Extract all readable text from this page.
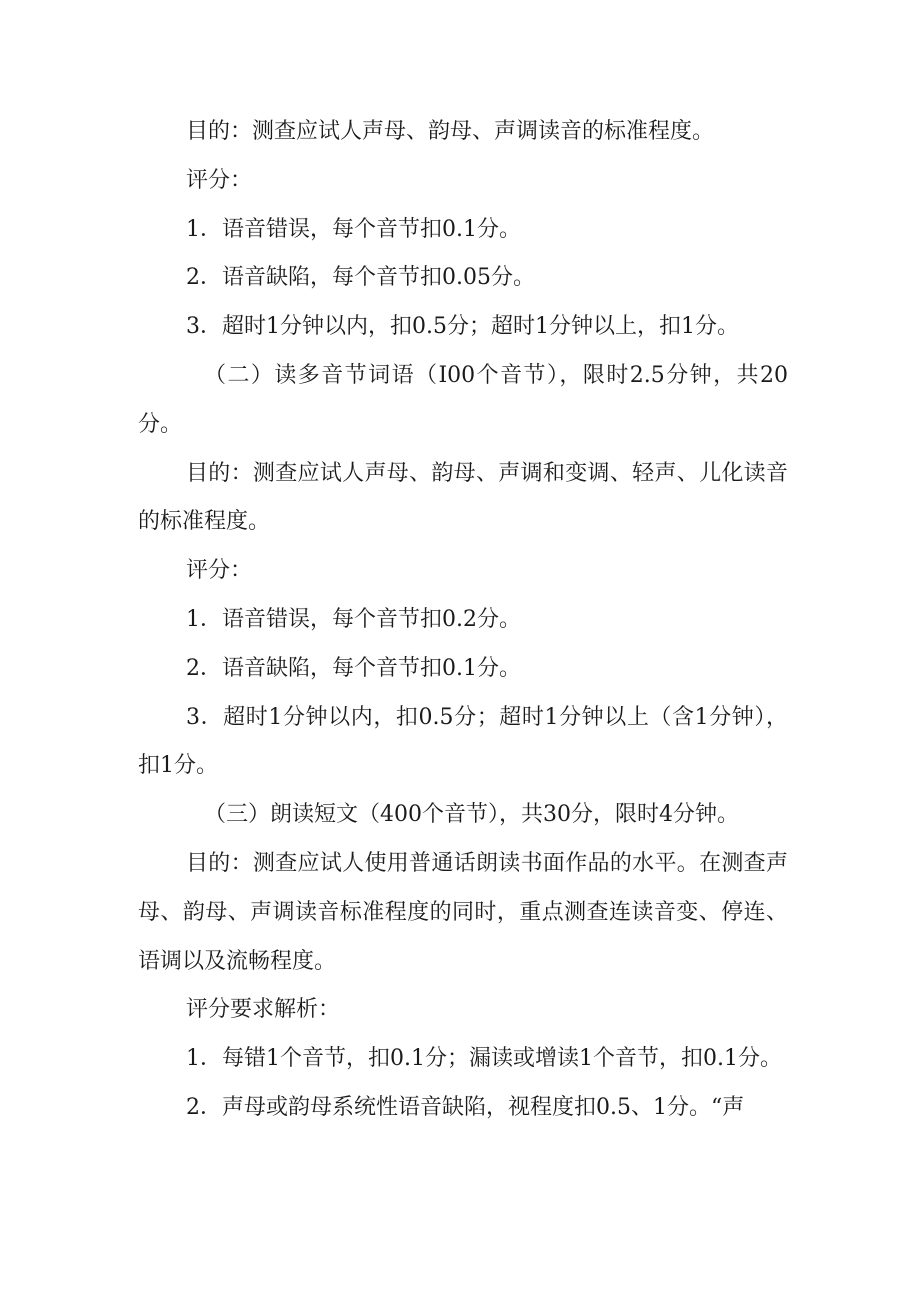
目的：测查应试人声母、韵母、声调读音的标准程度。

评分：

1．语音错误，每个音节扣0.1分。

2．语音缺陷，每个音节扣0.05分。

3．超时1分钟以内，扣0.5分；超时1分钟以上，扣1分。

（二）读多音节词语（I00个音节），限时2.5分钟，共20分。

目的：测查应试人声母、韵母、声调和变调、轻声、儿化读音的标准程度。

评分：

1．语音错误，每个音节扣0.2分。

2．语音缺陷，每个音节扣0.1分。

3．超时1分钟以内，扣0.5分；超时1分钟以上（含1分钟），扣1分。

（三）朗读短文（400个音节），共30分，限时4分钟。

目的：测查应试人使用普通话朗读书面作品的水平。在测查声母、韵母、声调读音标准程度的同时，重点测查连读音变、停连、语调以及流畅程度。

评分要求解析：

1．每错1个音节，扣0.1分；漏读或增读1个音节，扣0.1分。

2．声母或韵母系统性语音缺陷，视程度扣0.5、1分。“声
